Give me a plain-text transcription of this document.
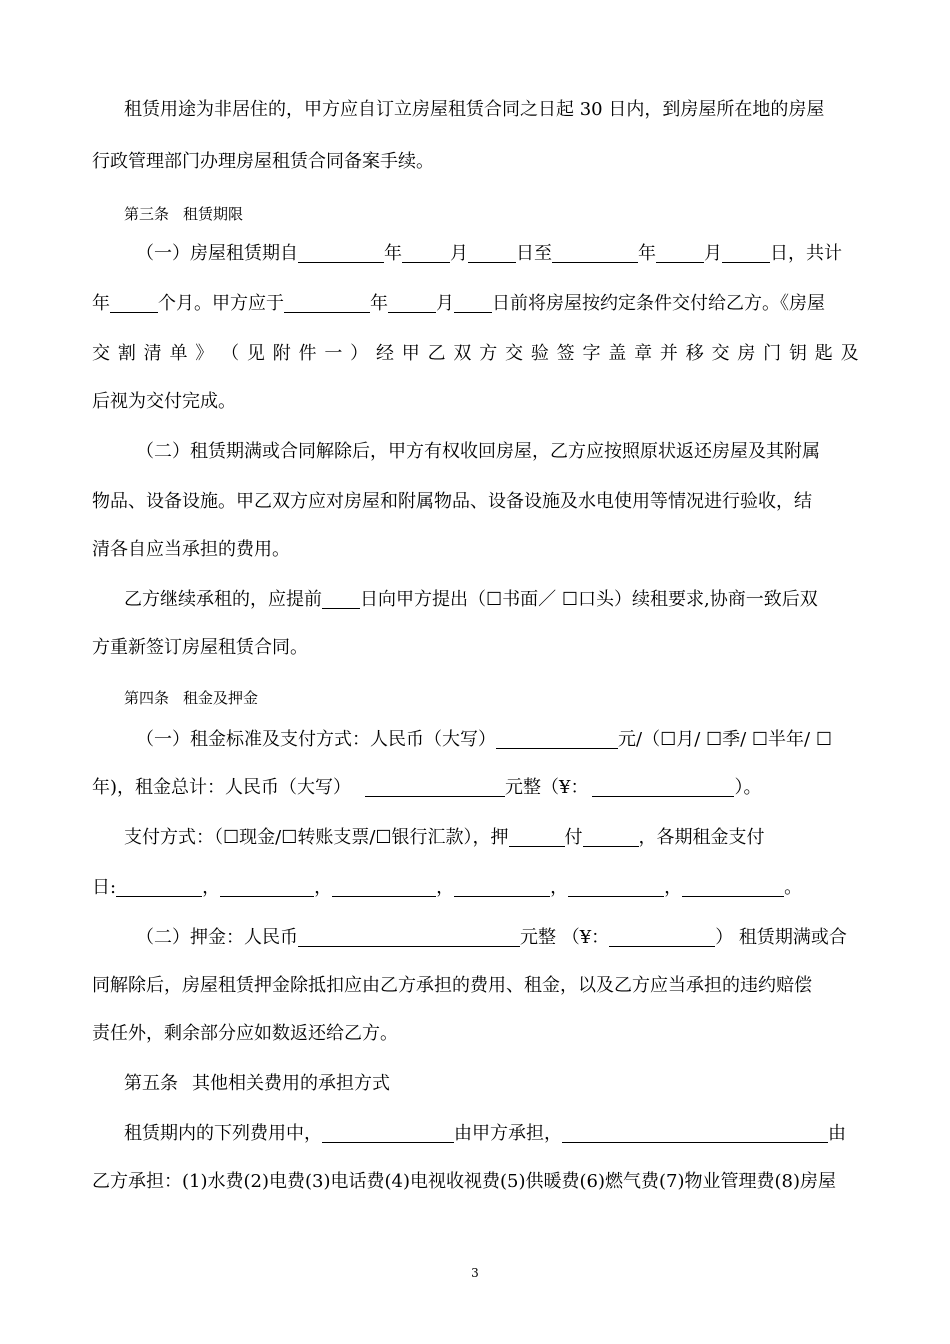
租赁用途为非居住的，甲方应自订立房屋租赁合同之日起 30 日内，到房屋所在地的房屋
行政管理部门办理房屋租赁合同备案手续。
第三条 租赁期限
（一）房屋租赁期自	年	月	日至	年	月	日，共计
年	个月。甲方应于	年	月 日前将房屋按约定条件交付给乙方。《房屋
交 割 清 单 》 （ 见 附 件 一 ） 经 甲 乙 双 方 交 验 签 字 盖 章 并 移 交 房 门 钥 匙 及
后视为交付完成。
（二）租赁期满或合同解除后，甲方有权收回房屋，乙方应按照原状返还房屋及其附属
物品、设备设施。甲乙双方应对房屋和附属物品、设备设施及水电使用等情况进行验收，结
清各自应当承担的费用。
乙方继续承租的，应提前 日向甲方提出（☐书面／ ☐口头）续租要求,协商一致后双
方重新签订房屋租赁合同。
第四条 租金及押金
（一）租金标准及支付方式：人民币（大写）	元/（☐月/ ☐季/ ☐半年/ ☐
年)，租金总计：人民币（大写）	元整（¥：	）。
支付方式：（☐现金/☐转账支票/☐银行汇款），押	付	，各期租金支付
日:	，	，	，	，	，	。
（二）押金：人民币	元整 （¥：	） 租赁期满或合
同解除后，房屋租赁押金除抵扣应由乙方承担的费用、租金，以及乙方应当承担的违约赔偿
责任外，剩余部分应如数返还给乙方。
第五条 其他相关费用的承担方式
租赁期内的下列费用中，	由甲方承担，	由
乙方承担：(1)水费(2)电费(3)电话费(4)电视收视费(5)供暖费(6)燃气费(7)物业管理费(8)房屋
3
